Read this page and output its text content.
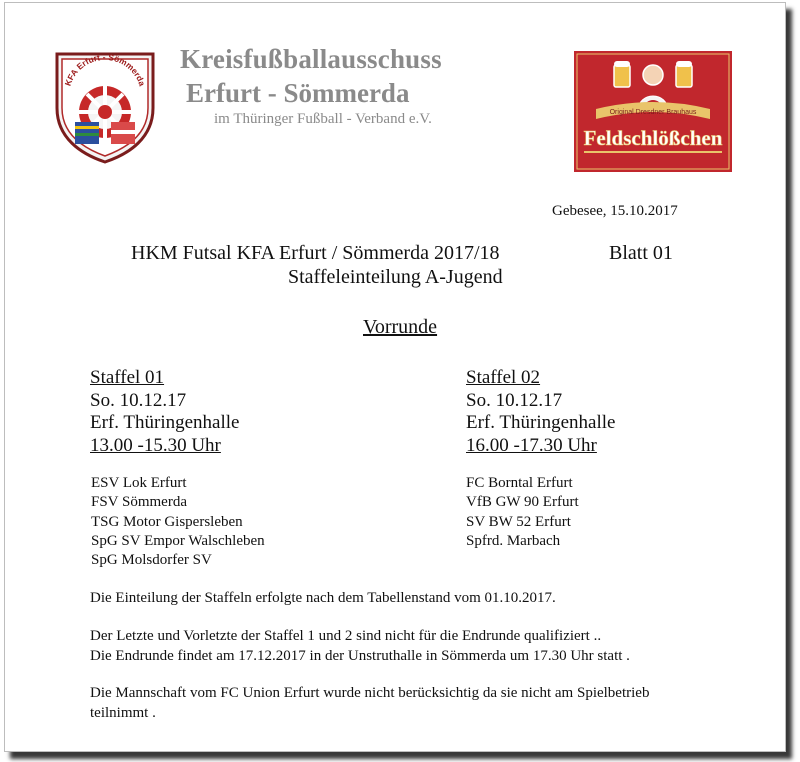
KFA Erfurt - Sömmerda
Kreisfußballausschuss
Erfurt - Sömmerda
im Thüringer Fußball - Verband e.V.	Original Dresdner Brauhaus
Feldschlößchen
Gebesee, 15.10.2017
HKM Futsal KFA Erfurt / Sömmerda 2017/18	Blatt 01
Staffeleinteilung A-Jugend
Vorrunde
Staffel 01
So. 10.12.17
Erf. Thüringenhalle
13.00 -15.30 Uhr
Staffel 02
So. 10.12.17
Erf. Thüringenhalle
16.00 -17.30 Uhr
ESV Lok Erfurt
FSV Sömmerda
TSG Motor Gispersleben
SpG SV Empor Walschleben
SpG Molsdorfer SV
FC Borntal Erfurt
VfB GW 90 Erfurt
SV BW 52 Erfurt
Spfrd. Marbach
Die Einteilung der Staffeln erfolgte nach dem Tabellenstand vom 01.10.2017.
Der Letzte und Vorletzte der Staffel 1 und 2 sind nicht für die Endrunde qualifiziert ..
Die Endrunde findet am 17.12.2017 in der Unstruthalle in Sömmerda um 17.30 Uhr statt .
Die Mannschaft vom FC Union Erfurt wurde nicht berücksichtig da sie nicht am Spielbetrieb
teilnimmt .
